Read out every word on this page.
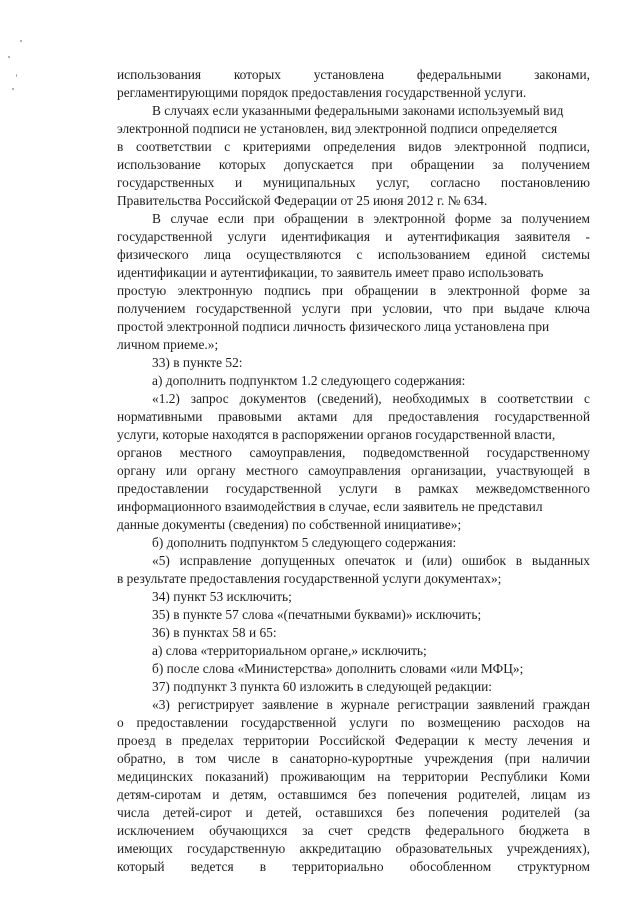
использования которых установлена федеральными законами,
регламентирующими порядок предоставления государственной услуги.
В случаях если указанными федеральными законами используемый вид
электронной подписи не установлен, вид электронной подписи определяется
в соответствии с критериями определения видов электронной подписи,
использование которых допускается при обращении за получением
государственных и муниципальных услуг, согласно постановлению
Правительства Российской Федерации от 25 июня 2012 г. № 634.
В случае если при обращении в электронной форме за получением
государственной услуги идентификация и аутентификация заявителя -
физического лица осуществляются с использованием единой системы
идентификации и аутентификации, то заявитель имеет право использовать
простую электронную подпись при обращении в электронной форме за
получением государственной услуги при условии, что при выдаче ключа
простой электронной подписи личность физического лица установлена при
личном приеме.»;
33) в пункте 52:
а) дополнить подпунктом 1.2 следующего содержания:
«1.2) запрос документов (сведений), необходимых в соответствии с
нормативными правовыми актами для предоставления государственной
услуги, которые находятся в распоряжении органов государственной власти,
органов местного самоуправления, подведомственной государственному
органу или органу местного самоуправления организации, участвующей в
предоставлении государственной услуги в рамках межведомственного
информационного взаимодействия в случае, если заявитель не представил
данные документы (сведения) по собственной инициативе»;
б) дополнить подпунктом 5 следующего содержания:
«5) исправление допущенных опечаток и (или) ошибок в выданных
в результате предоставления государственной услуги документах»;
34) пункт 53 исключить;
35) в пункте 57 слова «(печатными буквами)» исключить;
36) в пунктах 58 и 65:
а) слова «территориальном органе,» исключить;
б) после слова «Министерства» дополнить словами «или МФЦ»;
37) подпункт 3 пункта 60 изложить в следующей редакции:
«3) регистрирует заявление в журнале регистрации заявлений граждан
о предоставлении государственной услуги по возмещению расходов на
проезд в пределах территории Российской Федерации к месту лечения и
обратно, в том числе в санаторно-курортные учреждения (при наличии
медицинских показаний) проживающим на территории Республики Коми
детям-сиротам и детям, оставшимся без попечения родителей, лицам из
числа детей-сирот и детей, оставшихся без попечения родителей (за
исключением обучающихся за счет средств федерального бюджета в
имеющих государственную аккредитацию образовательных учреждениях),
который ведется в территориально обособленном структурном
